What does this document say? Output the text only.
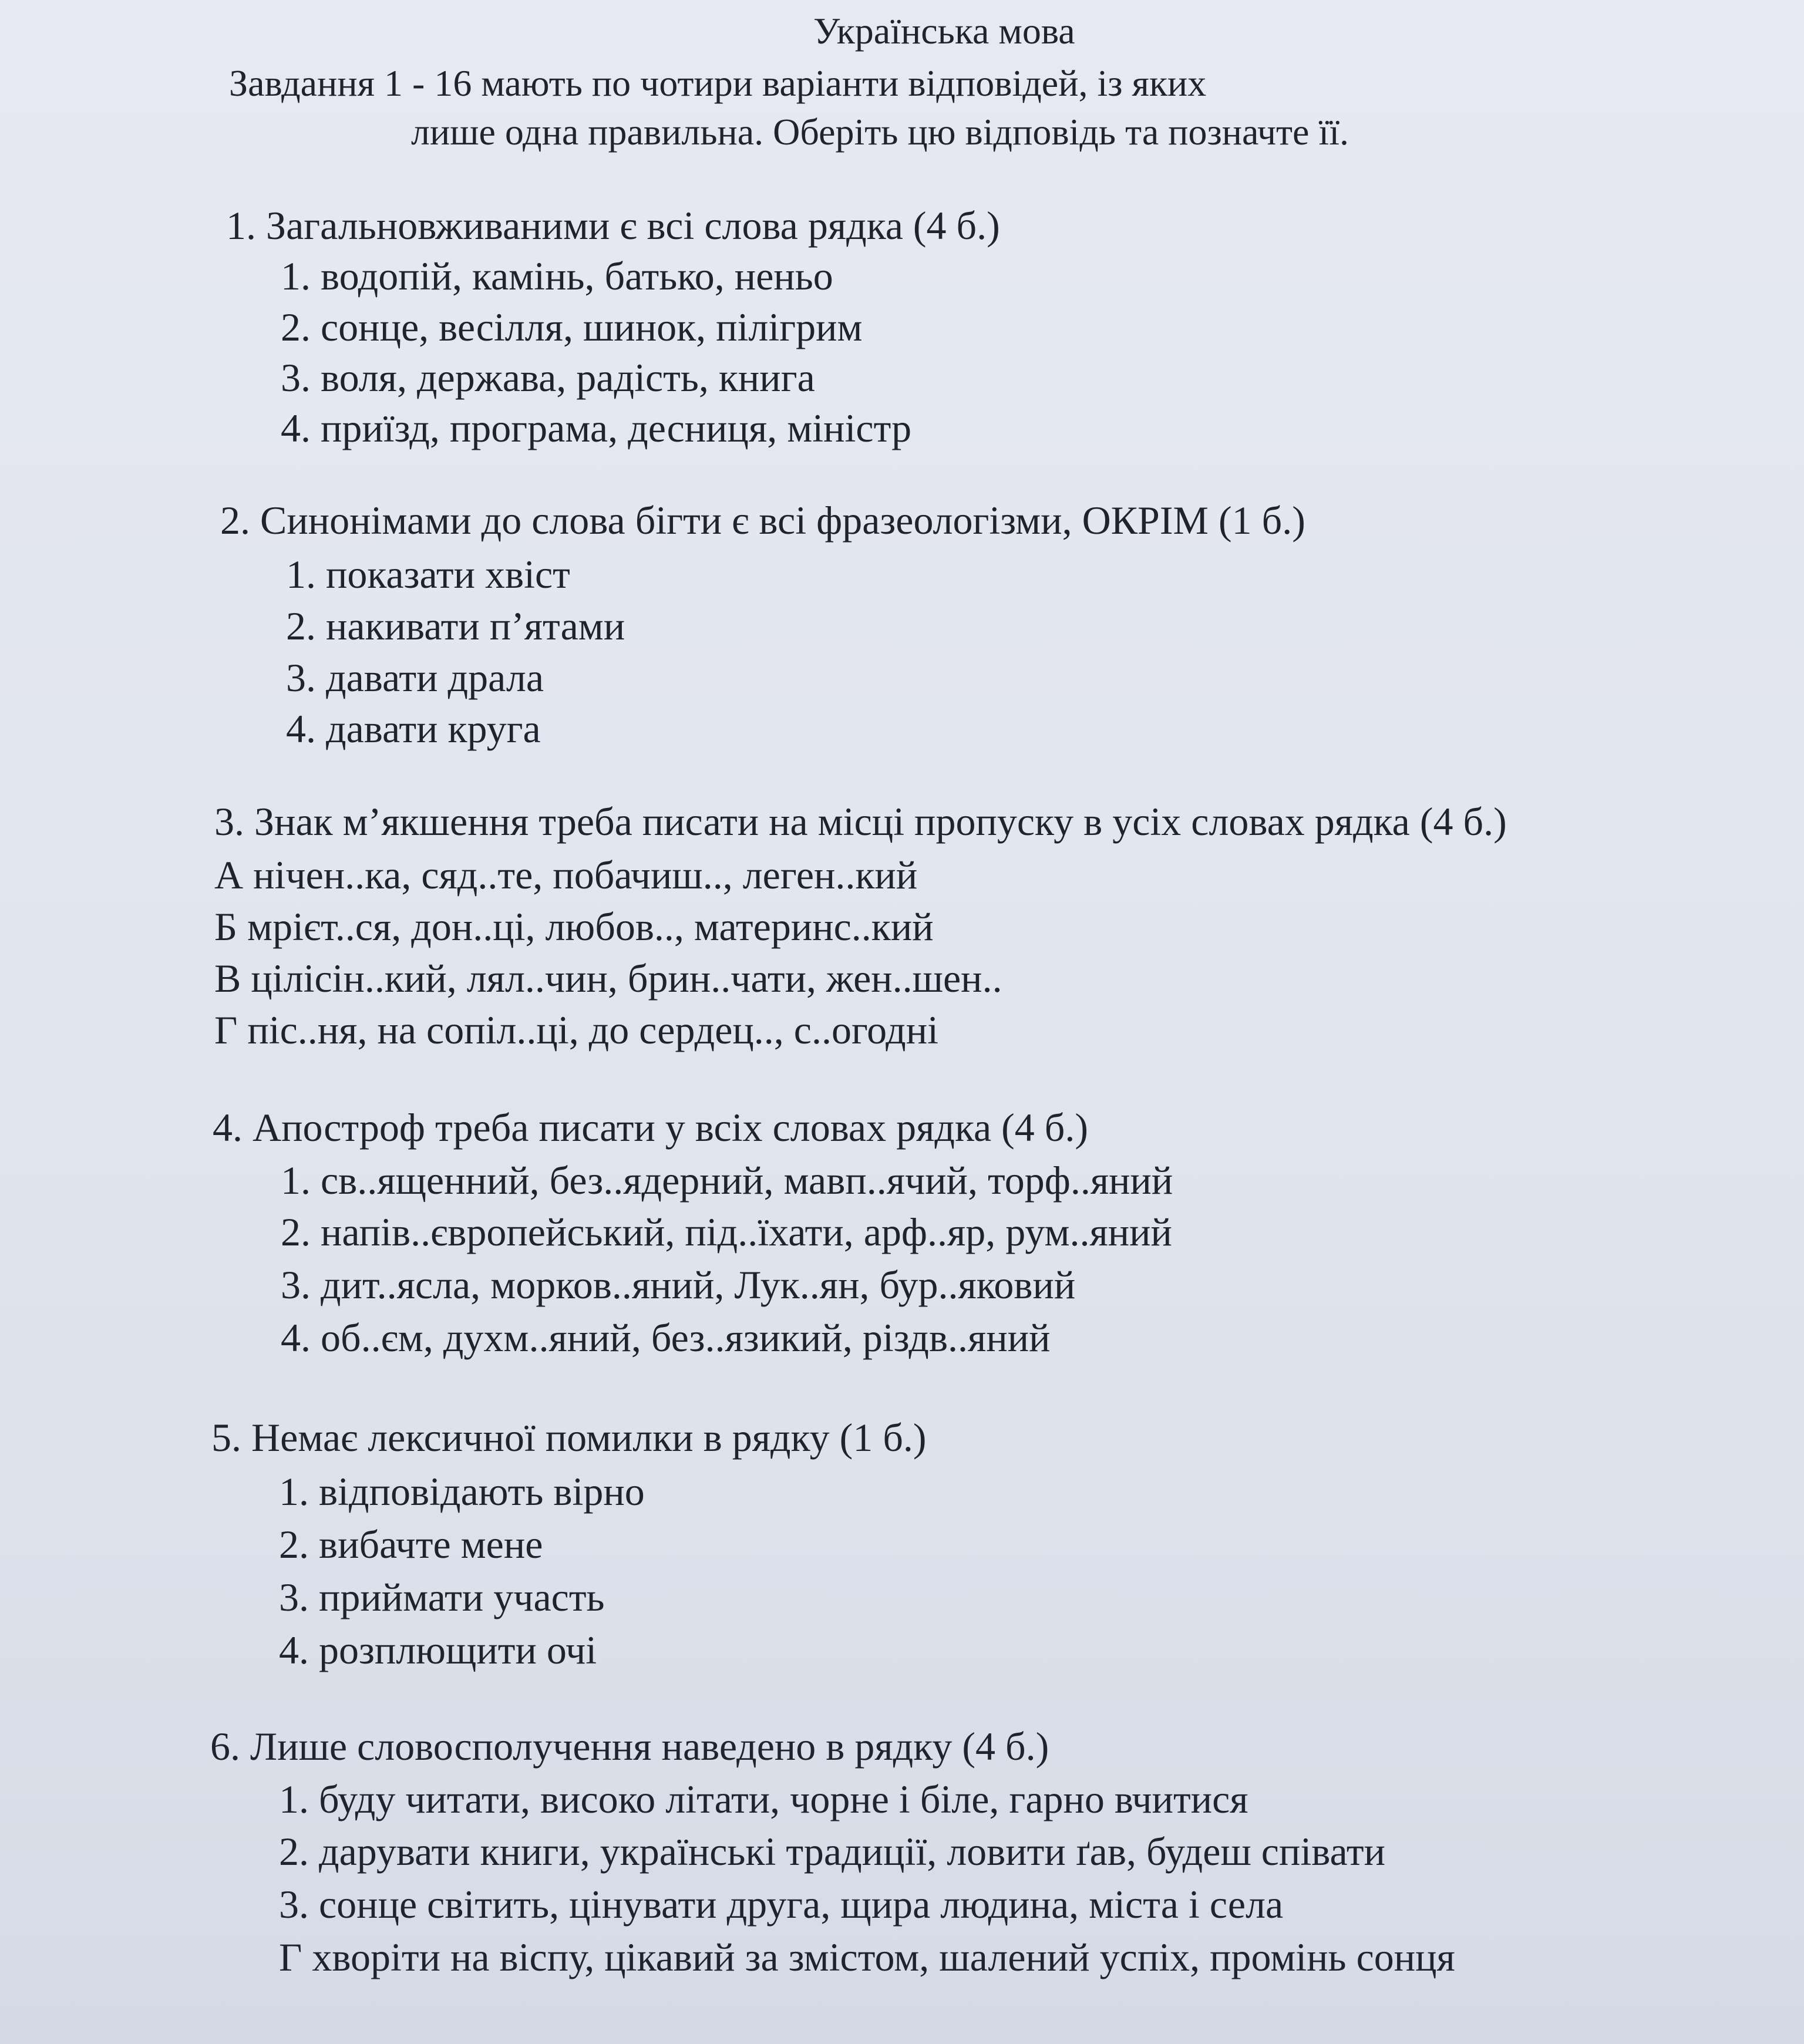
Українська мова
Завдання 1 - 16 мають по чотири варіанти відповідей, із яких
лише одна правильна. Оберіть цю відповідь та позначте її.
1. Загальновживаними є всі слова рядка (4 б.)
1. водопій, камінь, батько, неньо
2. сонце, весілля, шинок, пілігрим
3. воля, держава, радість, книга
4. приїзд, програма, десниця, міністр
2. Синонімами до слова бігти є всі фразеологізми, ОКРІМ (1 б.)
1. показати хвіст
2. накивати п’ятами
3. давати драла
4. давати круга
3. Знак м’якшення треба писати на місці пропуску в усіх словах рядка (4 б.)
А нічен..ка, сяд..те, побачиш.., леген..кий
Б мрієт..ся, дон..ці, любов.., материнс..кий
В цілісін..кий, лял..чин, брин..чати, жен..шен..
Г піс..ня, на сопіл..ці, до сердец.., с..огодні
4. Апостроф треба писати у всіх словах рядка (4 б.)
1. св..ященний, без..ядерний, мавп..ячий, торф..яний
2. напів..європейський, під..їхати, арф..яр, рум..яний
3. дит..ясла, морков..яний, Лук..ян, бур..яковий
4. об..єм, духм..яний, без..язикий, різдв..яний
5. Немає лексичної помилки в рядку (1 б.)
1. відповідають вірно
2. вибачте мене
3. приймати участь
4. розплющити очі
6. Лише словосполучення наведено в рядку (4 б.)
1. буду читати, високо літати, чорне і біле, гарно вчитися
2. дарувати книги, українські традиції, ловити ґав, будеш співати
3. сонце світить, цінувати друга, щира людина, міста і села
Г хворіти на віспу, цікавий за змістом, шалений успіх, промінь сонця
